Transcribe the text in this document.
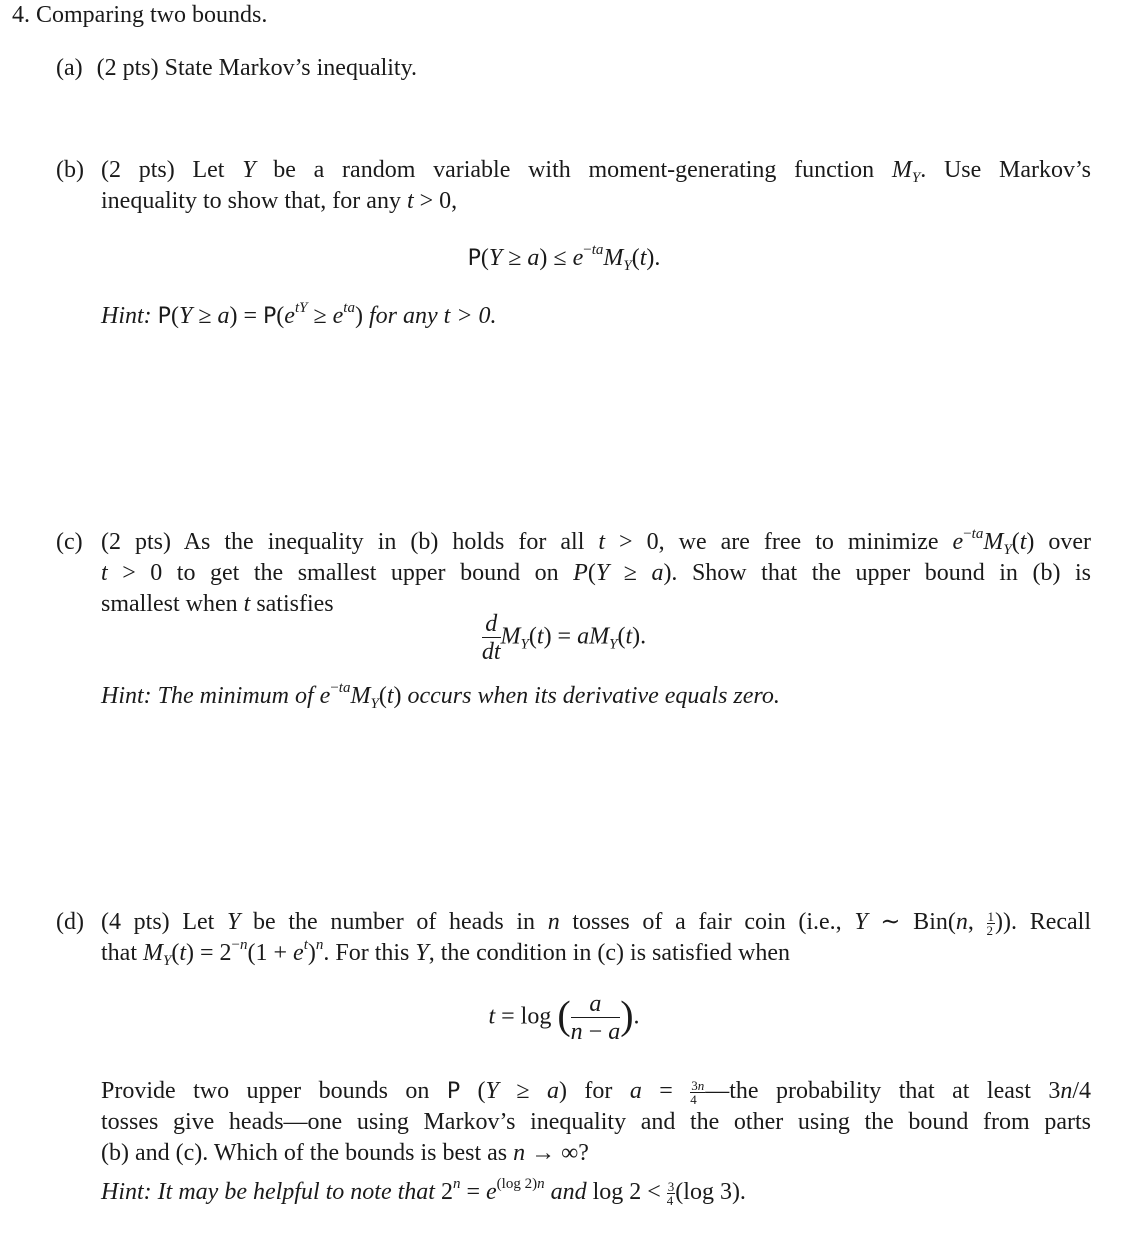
4. Comparing two bounds.
(a) (2 pts) State Markov’s inequality.
(b) (2 pts) Let Y be a random variable with moment-generating function $M_Y$. Use Markov’s
inequality to show that, for any t > 0,
$P(Y \ge a) \le e^{-ta}M_Y(t)$.
Hint: $P(Y \ge a) = P(e^{tY} \ge e^{ta})$ for any t > 0.
(c) (2 pts) As the inequality in (b) holds for all t > 0, we are free to minimize $e^{-ta}M_Y(t)$ over
t > 0 to get the smallest upper bound on P(Y ≥ a). Show that the upper bound in (b) is
smallest when t satisfies
$\frac{d}{dt} M_Y(t) = aM_Y(t)$.
Hint: The minimum of $e^{-ta}M_Y(t)$ occurs when its derivative equals zero.
(d) (4 pts) Let Y be the number of heads in n tosses of a fair coin (i.e., Y ∼ Bin(n, $\frac{1}{2}$ )). Recall
that $M_Y(t) = 2^{-n}(1 + e^t)^n$. For this Y, the condition in (c) is satisfied when
t = log ( $\frac{a}{n - a}$ ).
Provide two upper bounds on P (Y ≥ a) for $a = \frac{3n}{4}$ —the probability that at least 3n/4
tosses give heads—one using Markov’s inequality and the other using the bound from parts
(b) and (c). Which of the bounds is best as n → ∞?
Hint: It may be helpful to note that $2^n = e^{(log 2)n}$ and $\log 2 < \frac{3}{4} (\log$ 3).
